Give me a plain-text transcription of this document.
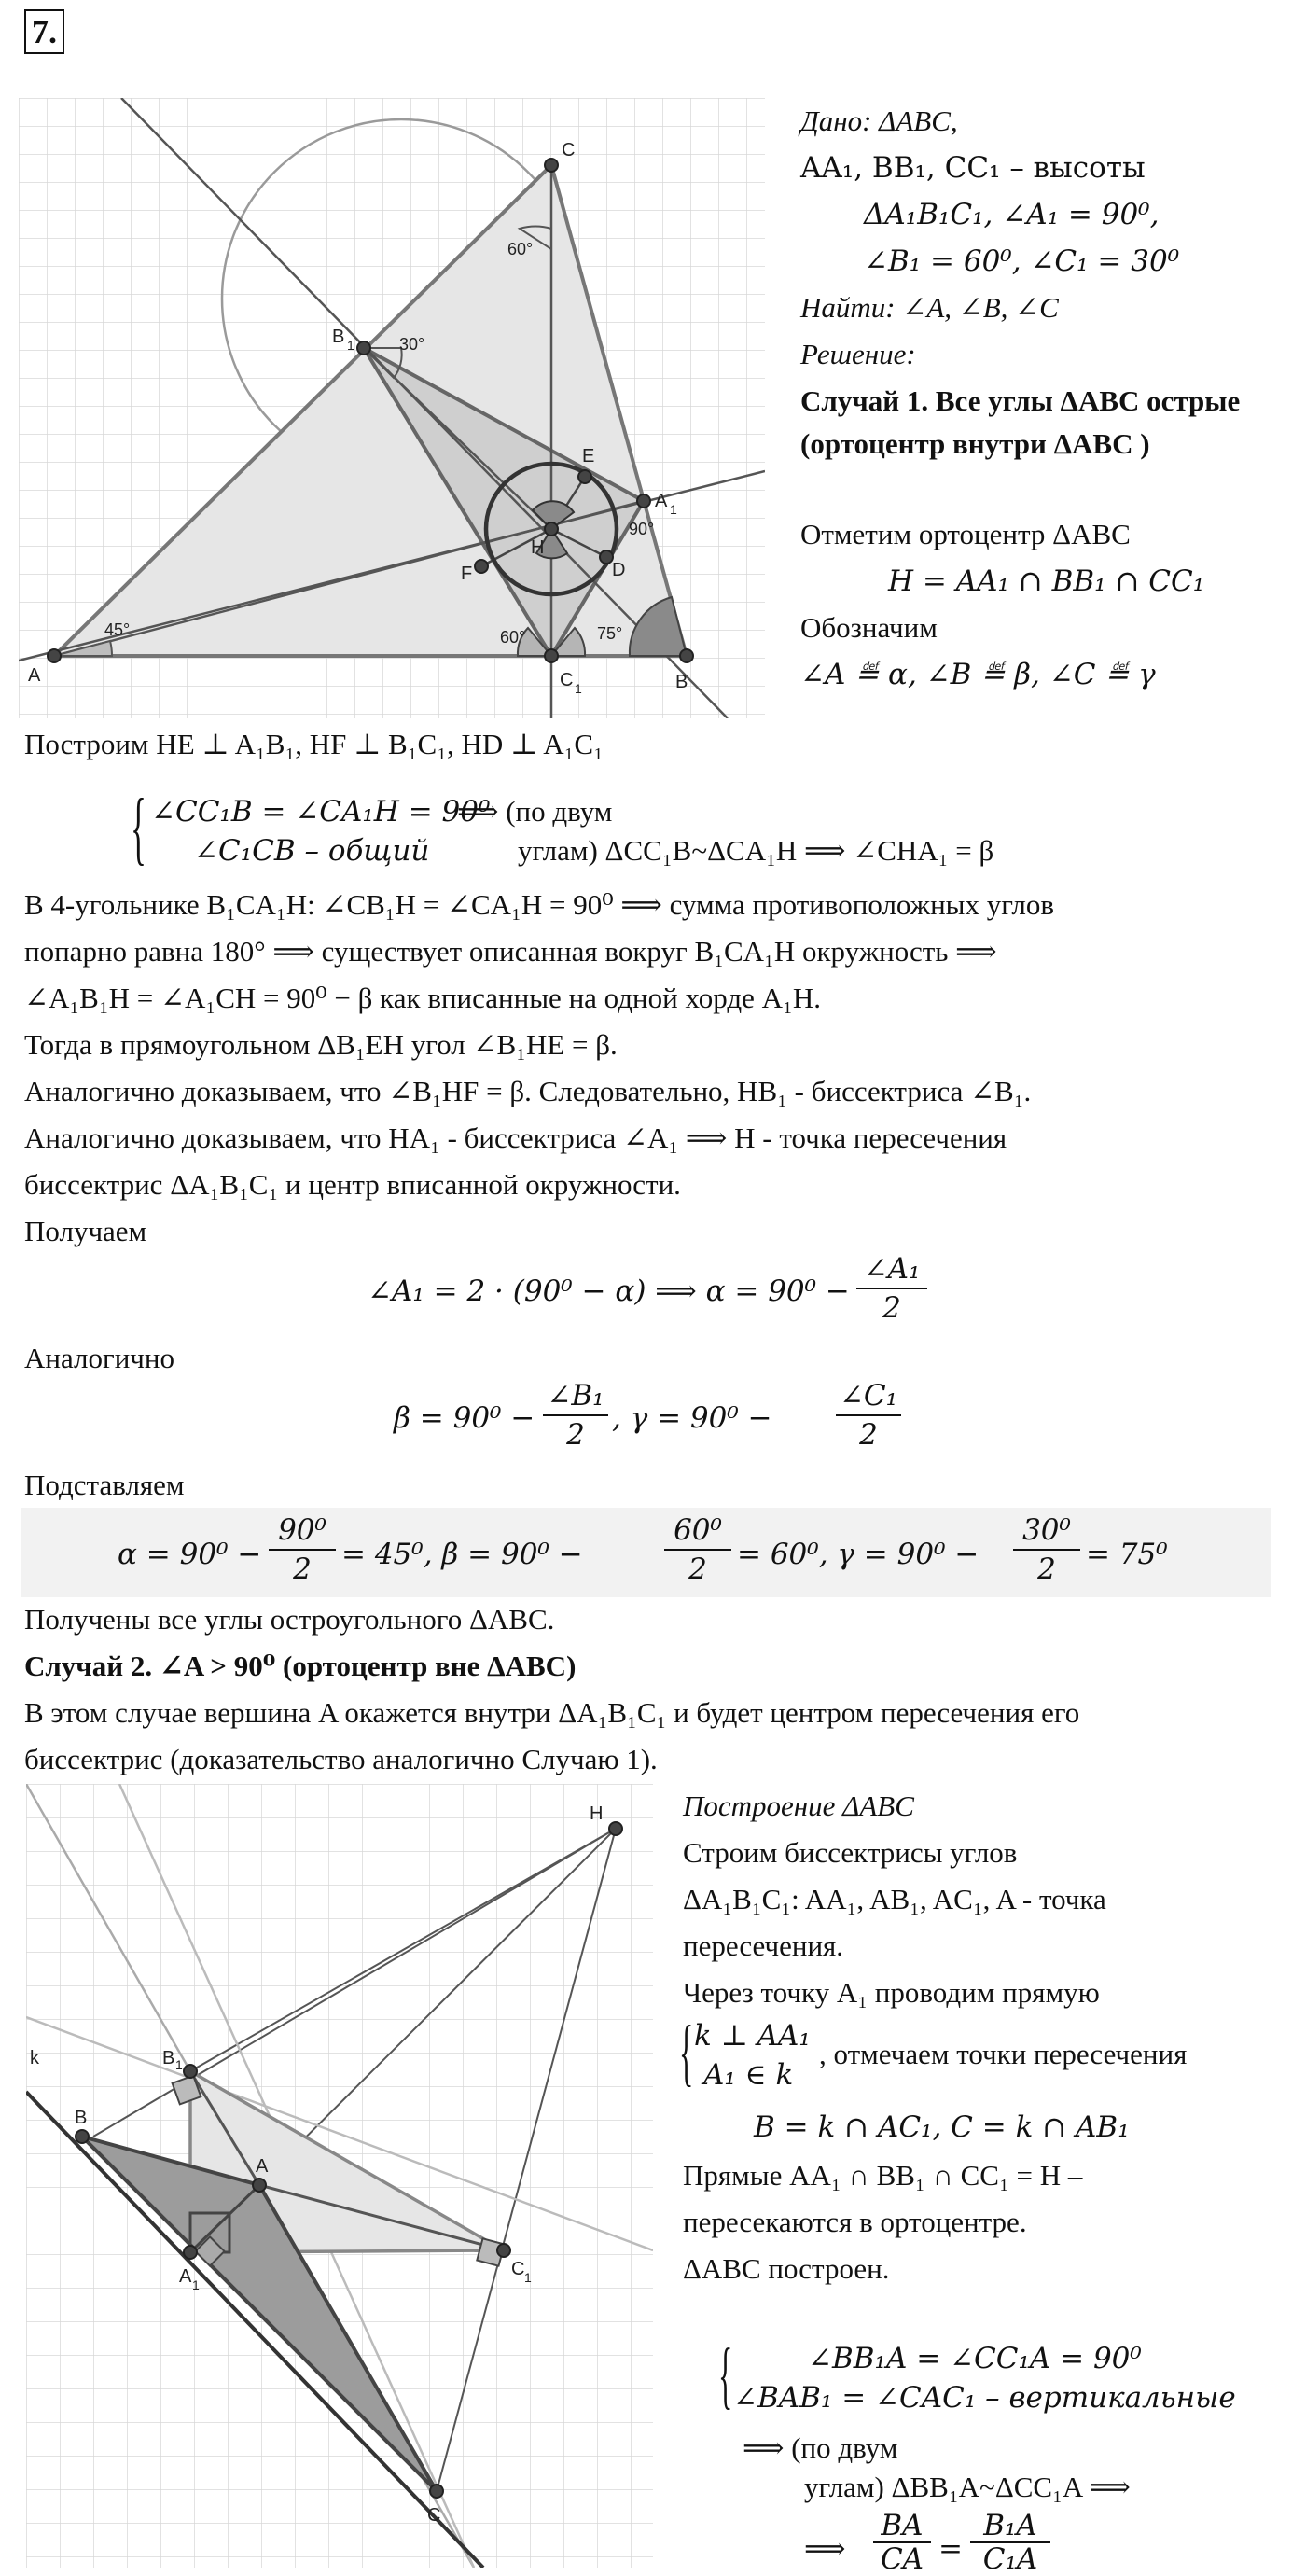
7.
A	B
C
B 1
A 1
C 1
E
F	D
H
45°
60°
30°
90°
60°	75°
Дано: ΔABC,
AA₁, BB₁, CC₁ – высоты
ΔA₁B₁C₁, ∠A₁ = 90⁰,
∠B₁ = 60⁰, ∠C₁ = 30⁰
Найти: ∠A, ∠B, ∠C
Решение:
Случай 1. Все углы ΔABC острые
(ортоцентр внутри ΔABC )
Отметим ортоцентр ΔABC
H = AA₁ ∩ BB₁ ∩ CC₁
Обозначим
∠A ≝ α, ∠B ≝ β, ∠C ≝ γ
Построим HE ⊥ A₁B₁, HF ⊥ B₁C₁, HD ⊥ A₁C₁
{ ∠CC₁B = ∠CA₁H = 90⁰
∠C₁CB – общий
⟹ (по двум
углам) ΔCC₁B~ΔCA₁H ⟹ ∠CHA₁ = β
В 4-угольнике B₁CA₁H: ∠CB₁H = ∠CA₁H = 90⁰ ⟹ сумма противоположных углов
попарно равна 180° ⟹ существует описанная вокруг B₁CA₁H окружность ⟹
∠A₁B₁H = ∠A₁CH = 90⁰ − β как вписанные на одной хорде A₁H.
Тогда в прямоугольном ΔB₁EH угол ∠B₁HE = β.
Аналогично доказываем, что ∠B₁HF = β. Следовательно, HB₁ - биссектриса ∠B₁.
Аналогично доказываем, что HA₁ - биссектриса ∠A₁ ⟹ H - точка пересечения
биссектрис ΔA₁B₁C₁ и центр вписанной окружности.
Получаем
∠A₁ = 2 · (90⁰ − α) ⟹ α = 90⁰ −
∠A₁
2
Аналогично
β = 90⁰ −
∠B₁
2 , γ = 90⁰ −
∠C₁
2
Подставляем
α = 90⁰ −
90⁰
2	= 45⁰, β = 90⁰ −
60⁰
2	= 60⁰, γ = 90⁰ −
30⁰
2	= 75⁰
Получены все углы остроугольного ΔABC.
Случай 2. ∠A > 90⁰ (ортоцентр вне ΔABC)
В этом случае вершина A окажется внутри ΔA₁B₁C₁ и будет центром пересечения его
биссектрис (доказательство аналогично Случаю 1).
H
k
B
B 1
A
A 1
C 1
C
Построение ΔABC
Строим биссектрисы углов
ΔA₁B₁C₁: AA₁, AB₁, AC₁, A - точка
пересечения.
Через точку A₁ проводим прямую
{ k ⊥ AA₁
A₁ ∈ k
, отмечаем точки пересечения
B = k ∩ AC₁, C = k ∩ AB₁
Прямые AA₁ ∩ BB₁ ∩ CC₁ = H –
пересекаются в ортоцентре.
ΔABC построен.
{	∠BB₁A = ∠CC₁A = 90⁰
∠BAB₁ = ∠CAC₁ – вертикальные
⟹ (по двум
углам) ΔBB₁A~ΔCC₁A ⟹
⟹
BA
CA =
B₁A
C₁A
